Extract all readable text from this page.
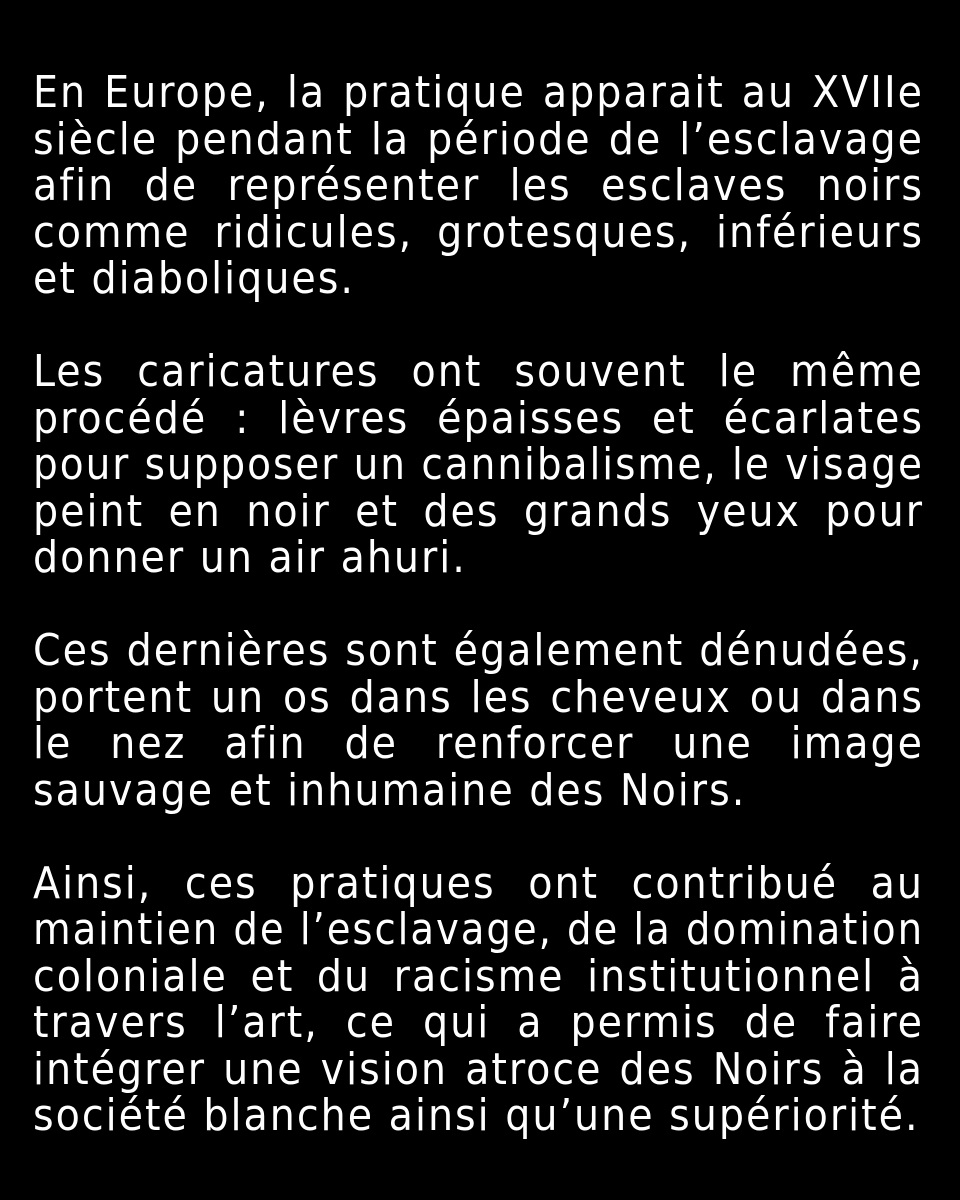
En Europe, la pratique apparait au XVIIe
siècle pendant la période de l’esclavage
afin de représenter les esclaves noirs
comme ridicules, grotesques, inférieurs
et diaboliques.
Les caricatures ont souvent le même
procédé : lèvres épaisses et écarlates
pour supposer un cannibalisme, le visage
peint en noir et des grands yeux pour
donner un air ahuri.
Ces dernières sont également dénudées,
portent un os dans les cheveux ou dans
le nez afin de renforcer une image
sauvage et inhumaine des Noirs.
Ainsi, ces pratiques ont contribué au
maintien de l’esclavage, de la domination
coloniale et du racisme institutionnel à
travers l’art, ce qui a permis de faire
intégrer une vision atroce des Noirs à la
société blanche ainsi qu’une supériorité.
